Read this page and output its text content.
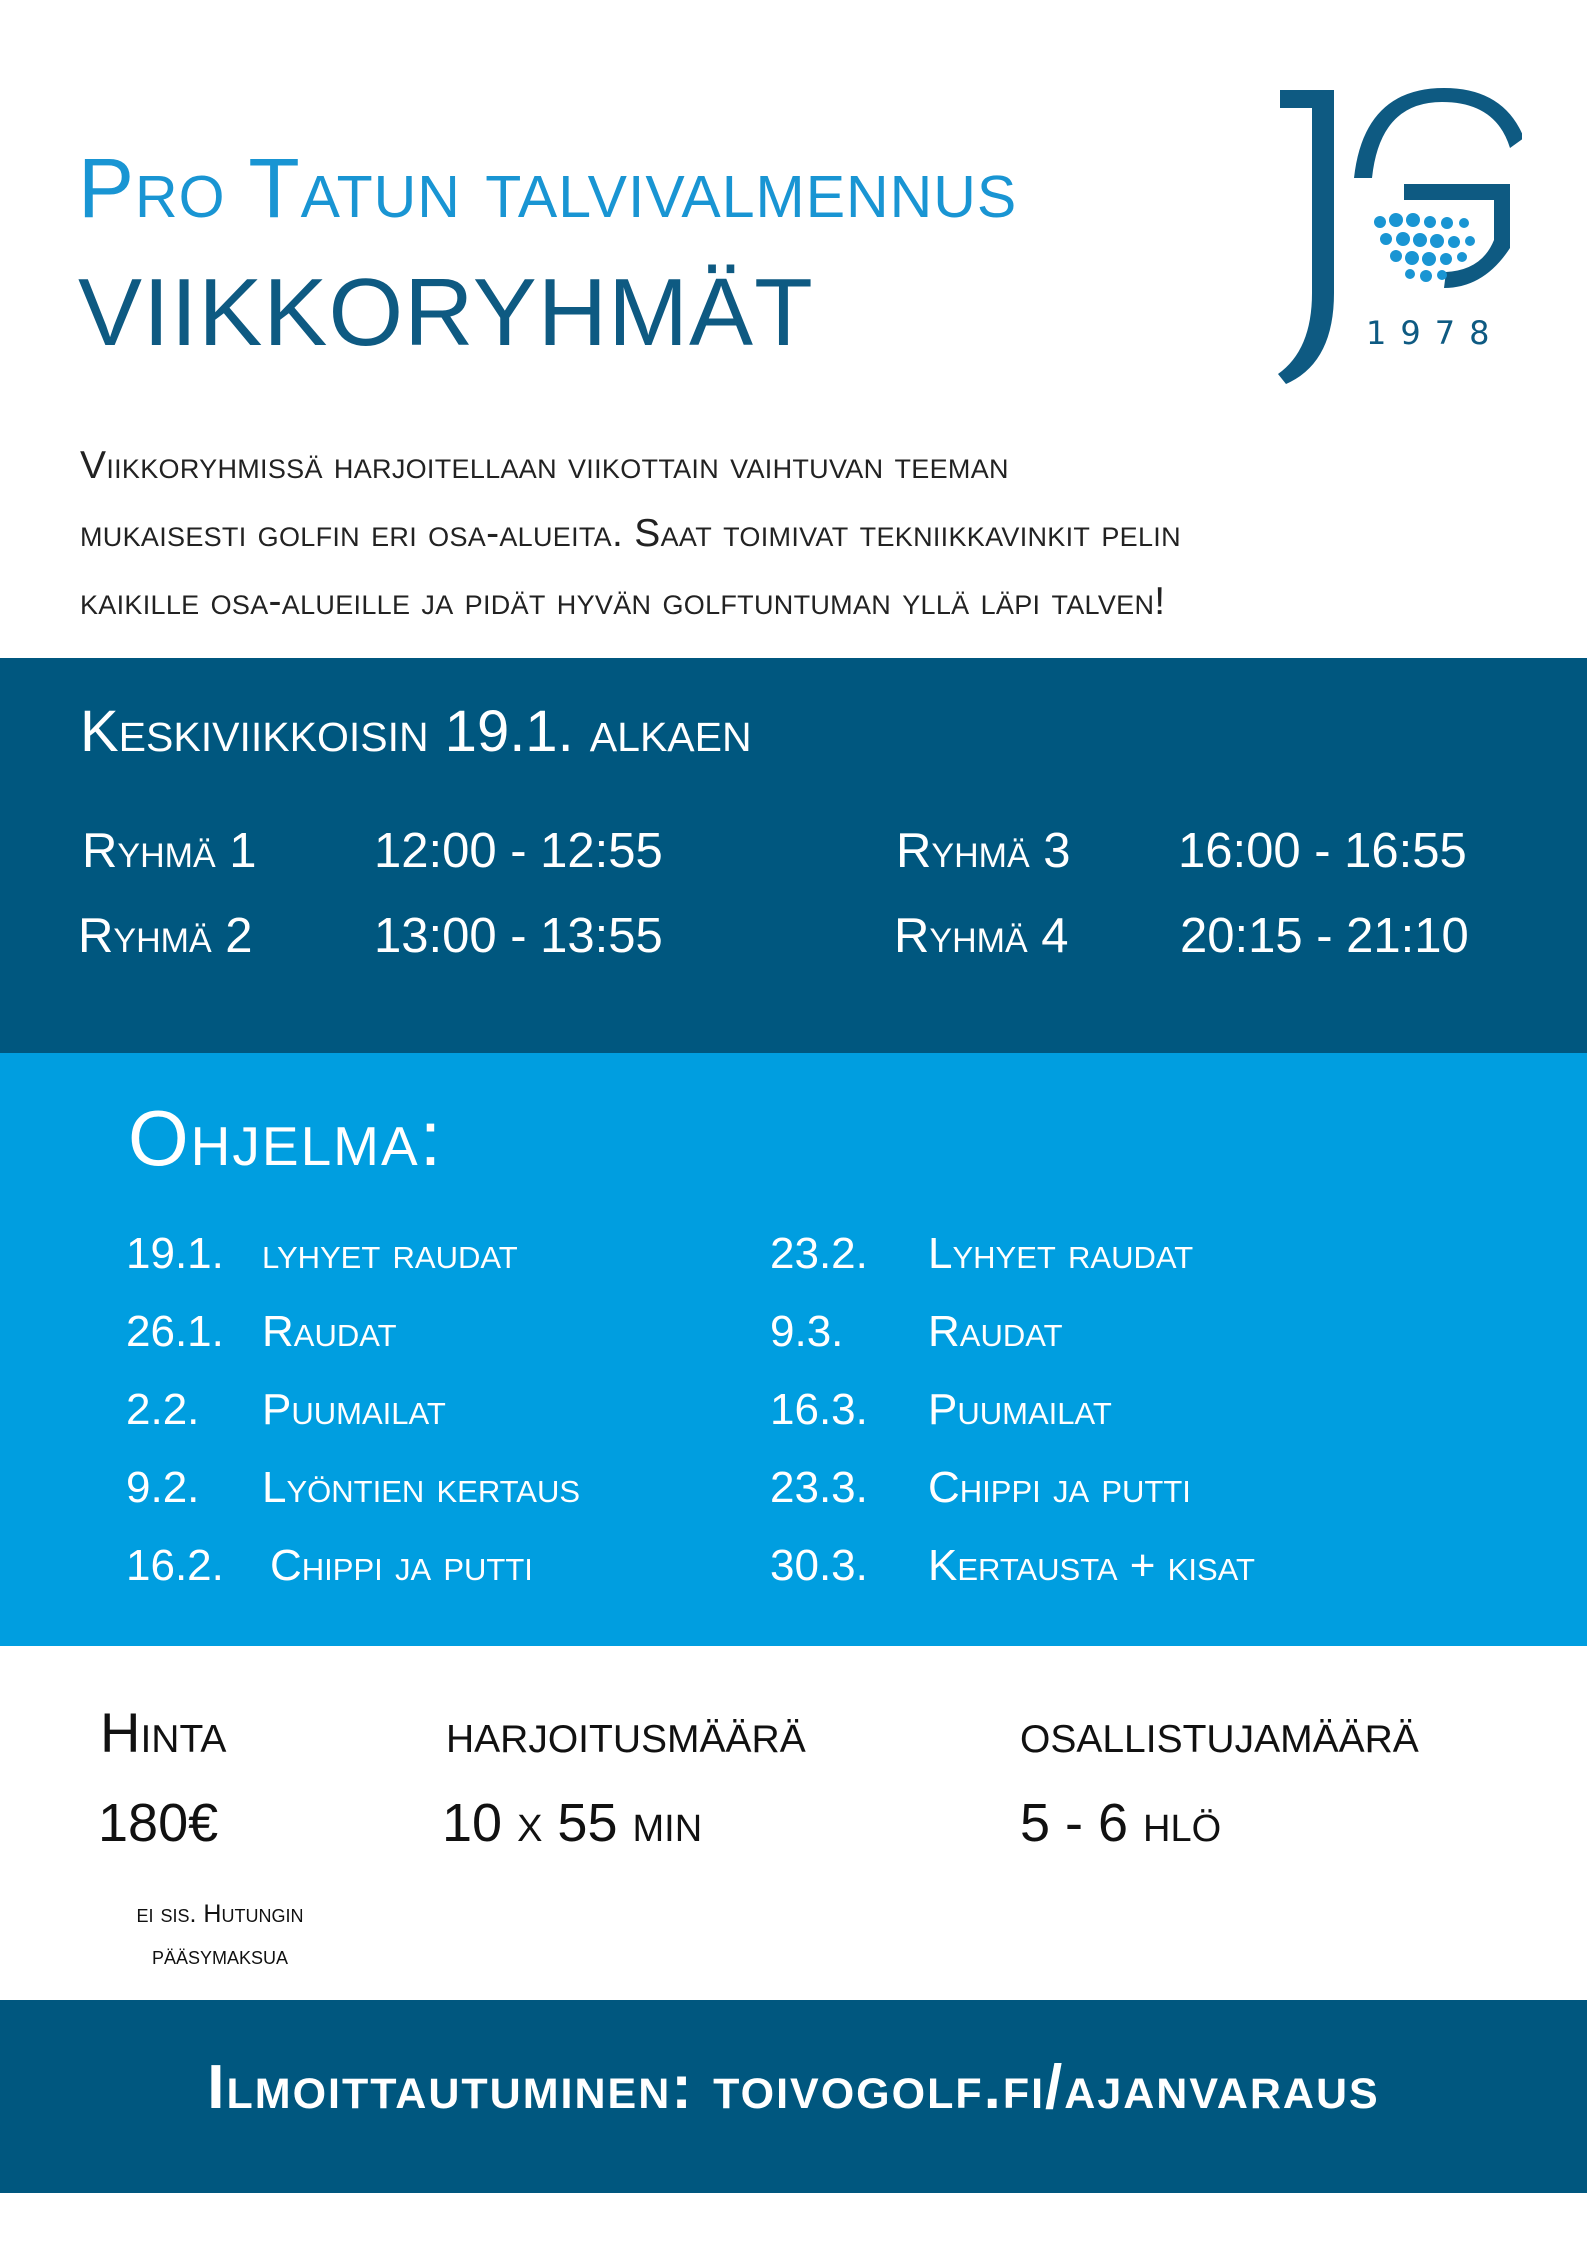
Pro Tatun talvivalmennus
VIIKKORYHMÄT	1978

Viikkoryhmissä harjoitellaan viikottain vaihtuvan teeman

mukaisesti golfin eri osa-alueita. Saat toimivat tekniikkavinkit pelin

kaikille osa-alueille ja pidät hyvän golftuntuman yllä läpi talven!

Keskiviikkoisin 19.1. alkaen
Ryhmä 1 12:00 - 12:55
Ryhmä 2 13:00 - 13:55
Ryhmä 3 16:00 - 16:55
Ryhmä 4 20:15 - 21:10
Ohjelma:
19.1. lyhyet raudat
26.1. Raudat
2.2. Puumailat
9.2. Lyöntien kertaus
16.2. Chippi ja putti
23.2. Lyhyet raudat
9.3. Raudat
16.3. Puumailat
23.3. Chippi ja putti
30.3. Kertausta + kisat
Hinta
180€
ei sis. Hutungin
pääsymaksua
harjoitusmäärä
10 x 55 min
osallistujamäärä
5 - 6 hlö
Ilmoittautuminen: toivogolf.fi/ajanvaraus
